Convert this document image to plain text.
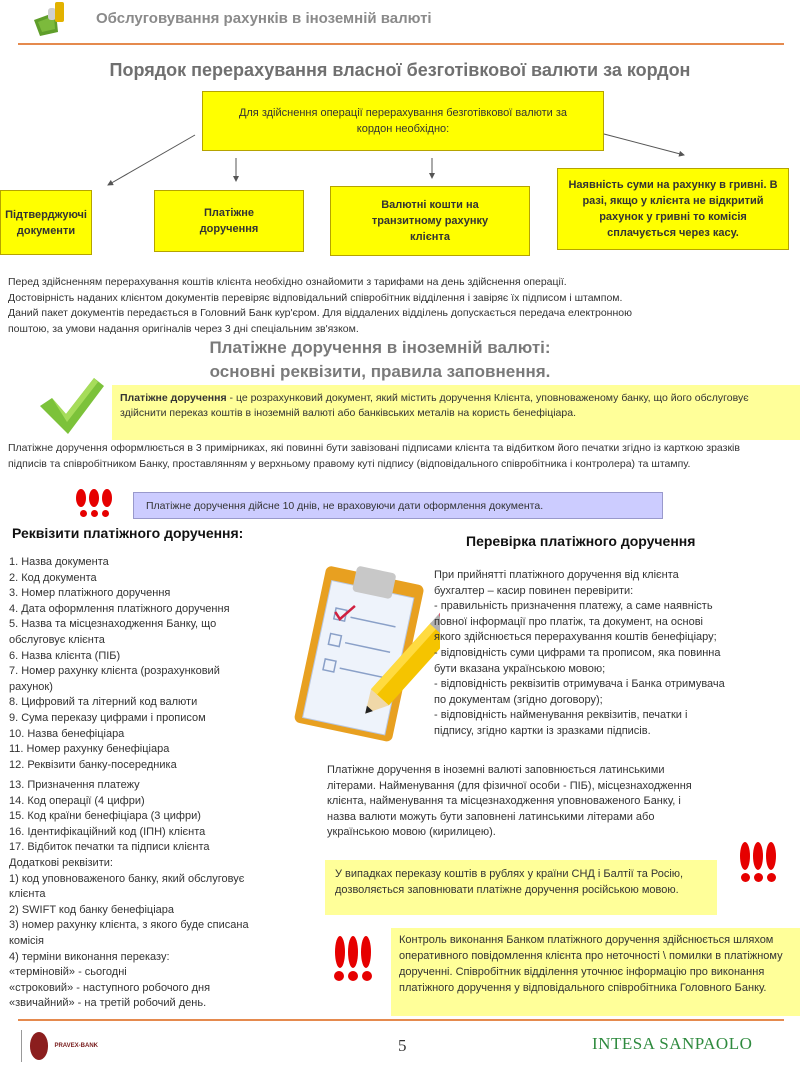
Обслуговування рахунків в іноземній валюті
Порядок перерахування власної безготівкової валюти за кордон
Для здійснення операції перерахування безготівкової валюти за кордон необхідно:
Підтверджуючі документи
Платіжне доручення
Валютні кошти на транзитному рахунку клієнта
Наявність суми на рахунку в гривні. В разі, якщо у клієнта не відкритий рахунок у гривні то комісія сплачується через касу.
Перед здійсненням перерахування коштів клієнта необхідно ознайомити з тарифами на день здійснення операції.
Достовірність наданих клієнтом документів перевіряє відповідальний співробітник відділення і завіряє їх підписом і штампом.
Даний пакет документів передається в Головний Банк кур'єром. Для віддалених відділень допускається передача електронною
поштою, за умови надання оригіналів через 3 дні спеціальним зв'язком.
Платіжне доручення в іноземній валюті:
основні реквізити, правила заповнення.
Платіжне доручення - це розрахунковий документ, який містить доручення Клієнта, уповноваженому банку, що його обслуговує здійснити переказ коштів в іноземній валюті або банківських металів на користь бенефіціара.
Платіжне доручення оформлюється в 3 примірниках, які повинні бути завізовані підписами клієнта та відбитком його печатки згідно із карткою зразків підписів та співробітником Банку, проставлянням у верхньому правому куті підпису (відповідального співробітника і контролера) та штампу.
Платіжне доручення дійсне 10 днів, не враховуючи дати оформлення документа.
Реквізити платіжного доручення:
1. Назва документа
2. Код документа
3. Номер платіжного доручення
4. Дата оформлення платіжного доручення
5. Назва та місцезнаходження Банку, що
обслуговує клієнта
6. Назва клієнта (ПІБ)
7. Номер рахунку клієнта (розрахунковий
рахунок)
8. Цифровий та літерний код валюти
9. Сума переказу цифрами і прописом
10. Назва бенефіціара
11. Номер рахунку бенефіціара
12. Реквізити банку-посередника
13. Призначення платежу
14. Код операції (4 цифри)
15. Код країни бенефіціара (3 цифри)
16. Ідентифікаційний код (ІПН) клієнта
17. Відбиток печатки та підписи клієнта
Додаткові реквізити:
1) код уповноваженого банку, який обслуговує
клієнта
2) SWIFT код банку бенефіціара
3) номер рахунку клієнта, з якого буде списана
комісія
4) терміни виконання переказу:
«терміновій» - сьогодні
«строковий» - наступного робочого дня
«звичайний» - на третій робочий день.
Перевірка платіжного доручення
При прийнятті платіжного доручення від клієнта
бухгалтер – касир повинен перевірити:
- правильність призначення платежу, а саме наявність
повної інформації про платіж, та документ, на основі
якого здійснюється перерахування коштів бенефіціару;
- відповідність суми цифрами та прописом, яка повинна
бути вказана українською мовою;
- відповідність реквізитів отримувача і Банка отримувача
по документам (згідно договору);
- відповідність найменування реквізитів, печатки і
підпису, згідно картки із зразками підписів.
Платіжне доручення в іноземні валюті заповнюється латинськими
літерами. Найменування (для фізичної особи - ПІБ), місцезнаходження
клієнта, найменування та місцезнаходження уповноваженого Банку, і
назва валюти можуть бути заповнені латинськими літерами або
українською мовою (кирилицею).
У випадках переказу коштів в рублях у країни СНД і Балтії та Росію, дозволяється заповнювати платіжне доручення російською мовою.
Контроль виконання Банком платіжного доручення здійснюється шляхом оперативного повідомлення клієнта про неточності \ помилки в платіжному дорученні. Співробітник відділення уточнює інформацію про виконання платіжного доручення у відповідального співробітника Головного Банку.
PRAVEX-BANK	5	INTESA SANPAOLO
